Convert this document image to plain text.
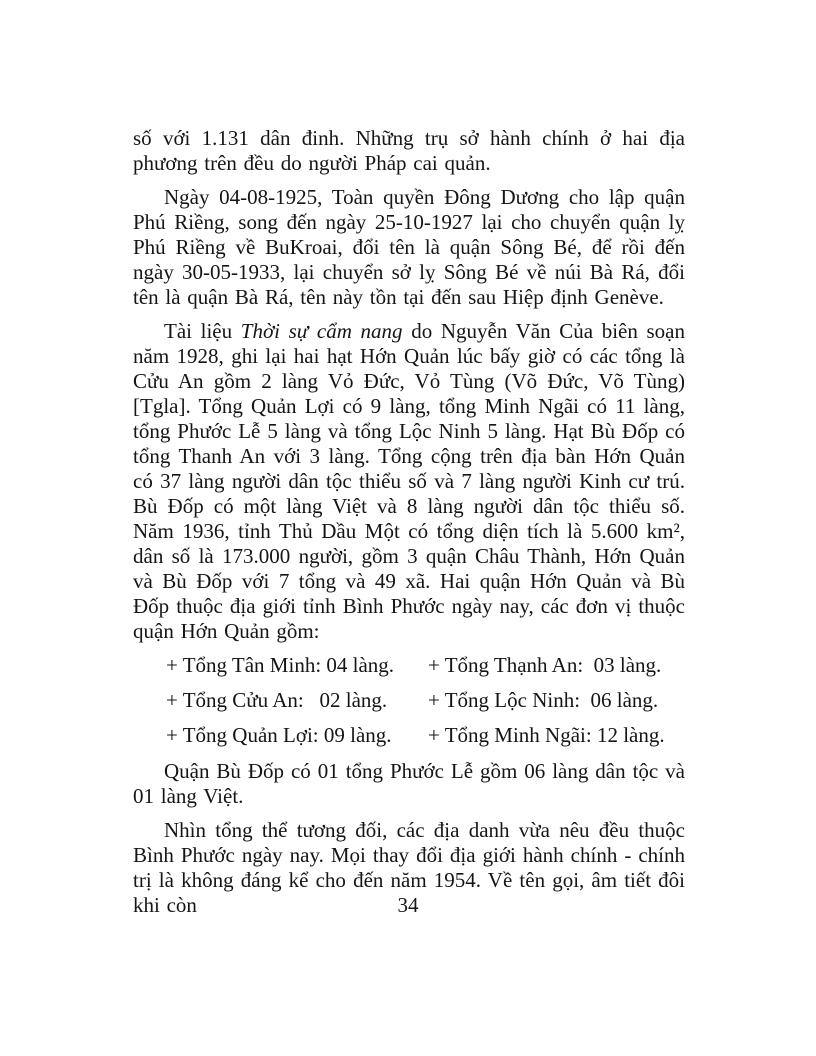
số với 1.131 dân đinh. Những trụ sở hành chính ở hai địa phương trên đều do người Pháp cai quản.

Ngày 04-08-1925, Toàn quyền Đông Dương cho lập quận Phú Riềng, song đến ngày 25-10-1927 lại cho chuyển quận lỵ Phú Riềng về BuKroai, đổi tên là quận Sông Bé, để rồi đến ngày 30-05-1933, lại chuyển sở lỵ Sông Bé về núi Bà Rá, đổi tên là quận Bà Rá, tên này tồn tại đến sau Hiệp định Genève.

Tài liệu Thời sự cẩm nang do Nguyễn Văn Của biên soạn năm 1928, ghi lại hai hạt Hớn Quản lúc bấy giờ có các tổng là Cửu An gồm 2 làng Vỏ Đức, Vỏ Tùng (Võ Đức, Võ Tùng) [Tgla]. Tổng Quản Lợi có 9 làng, tổng Minh Ngãi có 11 làng, tổng Phước Lễ 5 làng và tổng Lộc Ninh 5 làng. Hạt Bù Đốp có tổng Thanh An với 3 làng. Tổng cộng trên địa bàn Hớn Quản có 37 làng người dân tộc thiểu số và 7 làng người Kinh cư trú. Bù Đốp có một làng Việt và 8 làng người dân tộc thiểu số. Năm 1936, tỉnh Thủ Dầu Một có tổng diện tích là 5.600 km², dân số là 173.000 người, gồm 3 quận Châu Thành, Hớn Quản và Bù Đốp với 7 tổng và 49 xã. Hai quận Hớn Quản và Bù Đốp thuộc địa giới tỉnh Bình Phước ngày nay, các đơn vị thuộc quận Hớn Quản gồm:

+ Tổng Tân Minh: 04 làng.	+ Tổng Thạnh An:  03 làng.
+ Tổng Cửu An:   02 làng.	+ Tổng Lộc Ninh:  06 làng.
+ Tổng Quản Lợi: 09 làng.	+ Tổng Minh Ngãi: 12 làng.

Quận Bù Đốp có 01 tổng Phước Lễ gồm 06 làng dân tộc và 01 làng Việt.

Nhìn tổng thể tương đối, các địa danh vừa nêu đều thuộc Bình Phước ngày nay. Mọi thay đổi địa giới hành chính - chính trị là không đáng kể cho đến năm 1954. Về tên gọi, âm tiết đôi khi còn	34
